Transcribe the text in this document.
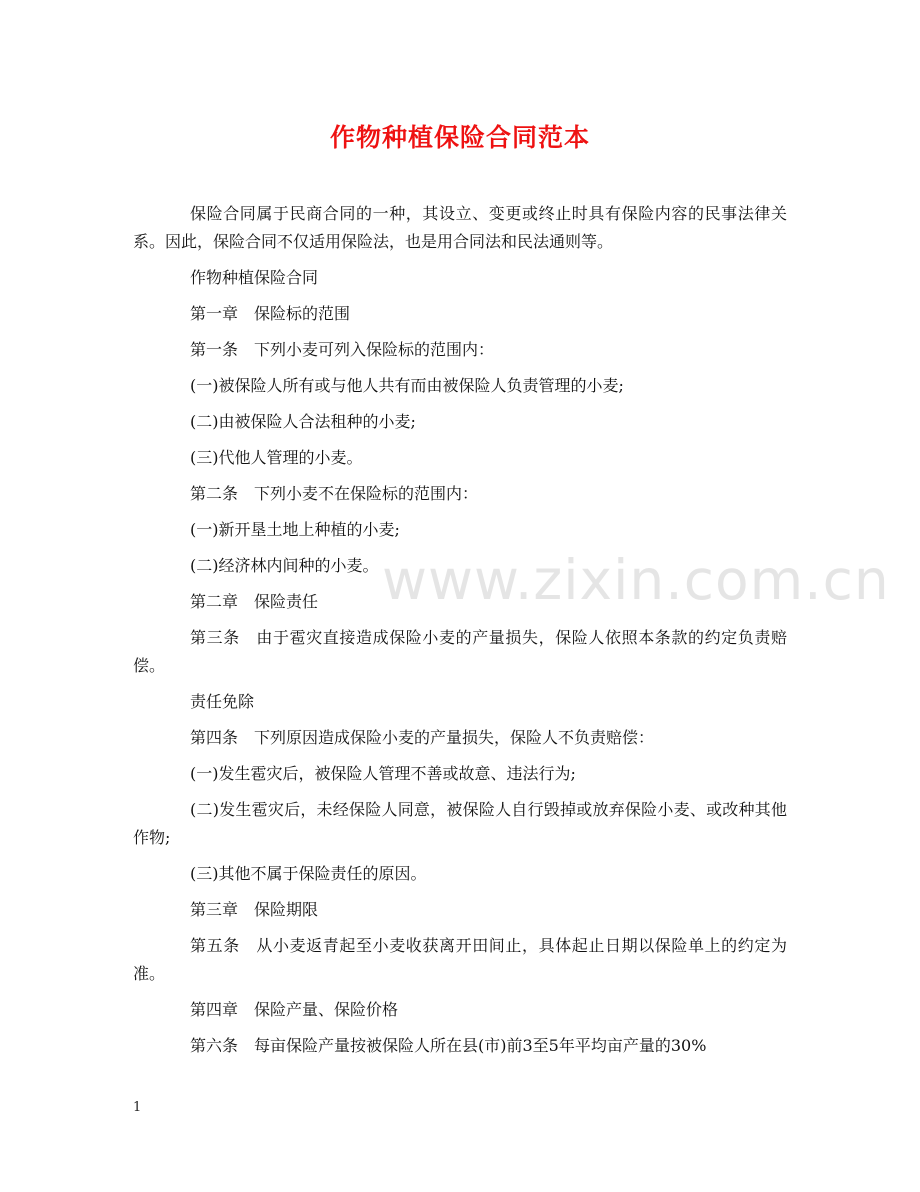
作物种植保险合同范本

保险合同属于民商合同的一种，其设立、变更或终止时具有保险内容的民事法律关系。因此，保险合同不仅适用保险法，也是用合同法和民法通则等。

作物种植保险合同

第一章　保险标的范围

第一条　下列小麦可列入保险标的范围内：

(一)被保险人所有或与他人共有而由被保险人负责管理的小麦;

(二)由被保险人合法租种的小麦;

(三)代他人管理的小麦。

第二条　下列小麦不在保险标的范围内：

(一)新开垦土地上种植的小麦;

(二)经济林内间种的小麦。

第二章　保险责任

第三条　由于雹灾直接造成保险小麦的产量损失，保险人依照本条款的约定负责赔偿。

责任免除

第四条　下列原因造成保险小麦的产量损失，保险人不负责赔偿：

(一)发生雹灾后，被保险人管理不善或故意、违法行为;

(二)发生雹灾后，未经保险人同意，被保险人自行毁掉或放弃保险小麦、或改种其他作物;

(三)其他不属于保险责任的原因。

第三章　保险期限

第五条　从小麦返青起至小麦收获离开田间止，具体起止日期以保险单上的约定为准。

第四章　保险产量、保险价格

第六条　每亩保险产量按被保险人所在县(市)前3至5年平均亩产量的30%

www.zixin.com.cn
1
